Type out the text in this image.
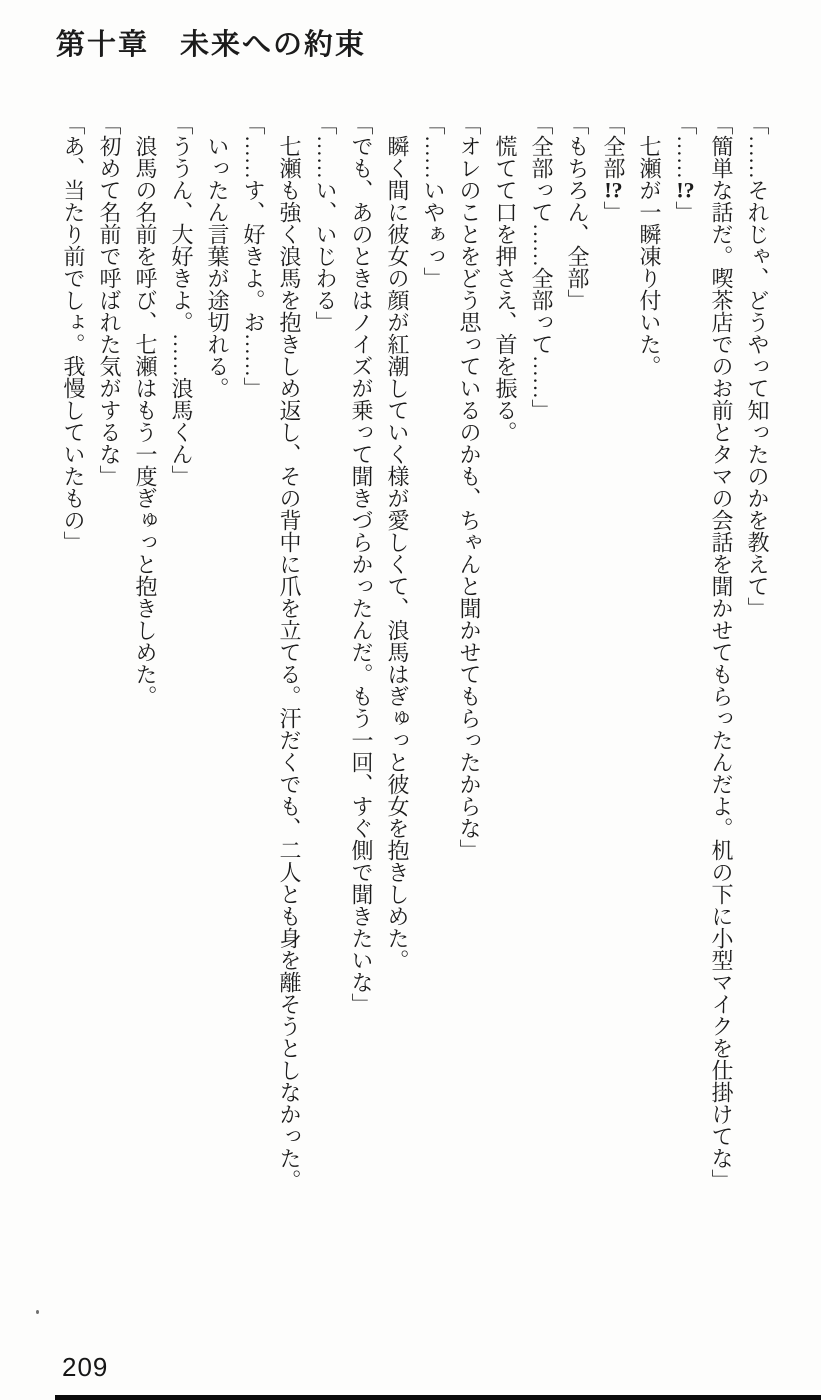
第十章　未来への約束

「……それじゃ、どうやって知ったのかを教えて」

「簡単な話だ。喫茶店でのお前とタマの会話を聞かせてもらったんだよ。机の下に小型マイクを仕掛けてな」

「……!?」

七瀬が一瞬凍り付いた。

「全部!?」

「もちろん、全部」

「全部って……全部って……」

慌てて口を押さえ、首を振る。

「オレのことをどう思っているのかも、ちゃんと聞かせてもらったからな」

「……いやぁっ」

瞬く間に彼女の顔が紅潮していく様が愛しくて、浪馬はぎゅっと彼女を抱きしめた。

「でも、あのときはノイズが乗って聞きづらかったんだ。もう一回、すぐ側で聞きたいな」

「……い、いじわる」

七瀬も強く浪馬を抱きしめ返し、その背中に爪を立てる。汗だくでも、二人とも身を離そうとしなかった。

「……す、好きよ。お……」

いったん言葉が途切れる。

「ううん、大好きよ。……浪馬くん」

浪馬の名前を呼び、七瀬はもう一度ぎゅっと抱きしめた。

「初めて名前で呼ばれた気がするな」

「あ、当たり前でしょ。我慢していたもの」

209
